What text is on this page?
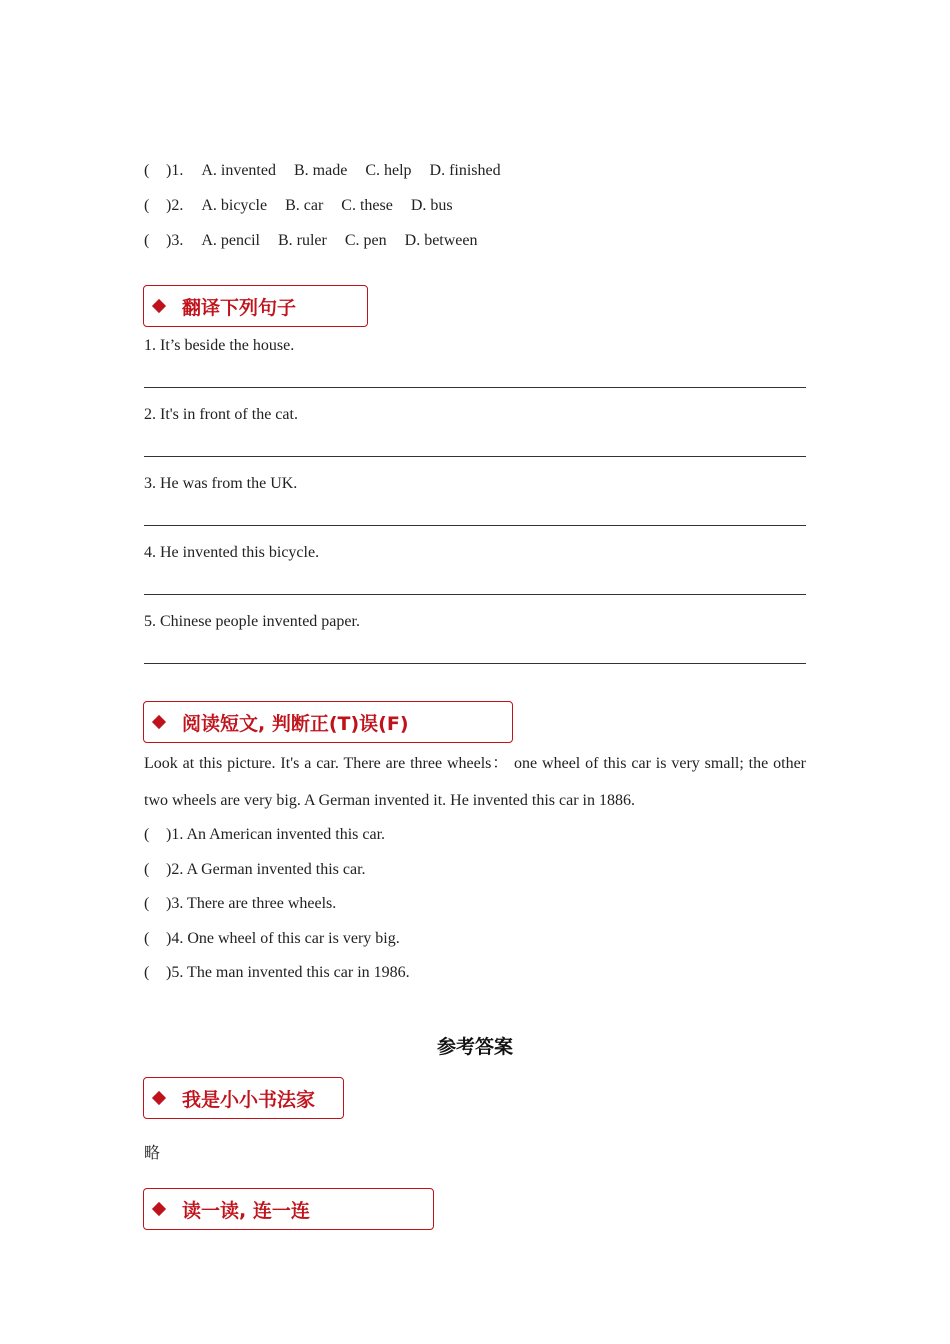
( )1. A. invented B. made C. help D. finished
( )2. A. bicycle B. car C. these D. bus
( )3. A. pencil B. ruler C. pen D. between
翻译下列句子
1. It’s beside the house.
2. It's in front of the cat.
3. He was from the UK.
4. He invented this bicycle.
5. Chinese people invented paper.
阅读短文, 判断正(T)误(F)
Look at this picture. It's a car. There are three wheels： one wheel of this car is very small; the other two wheels are very big. A German invented it. He invented this car in 1886.
( )1. An American invented this car.
( )2. A German invented this car.
( )3. There are three wheels.
( )4. One wheel of this car is very big.
( )5. The man invented this car in 1986.
参考答案
我是小小书法家
略
读一读, 连一连
